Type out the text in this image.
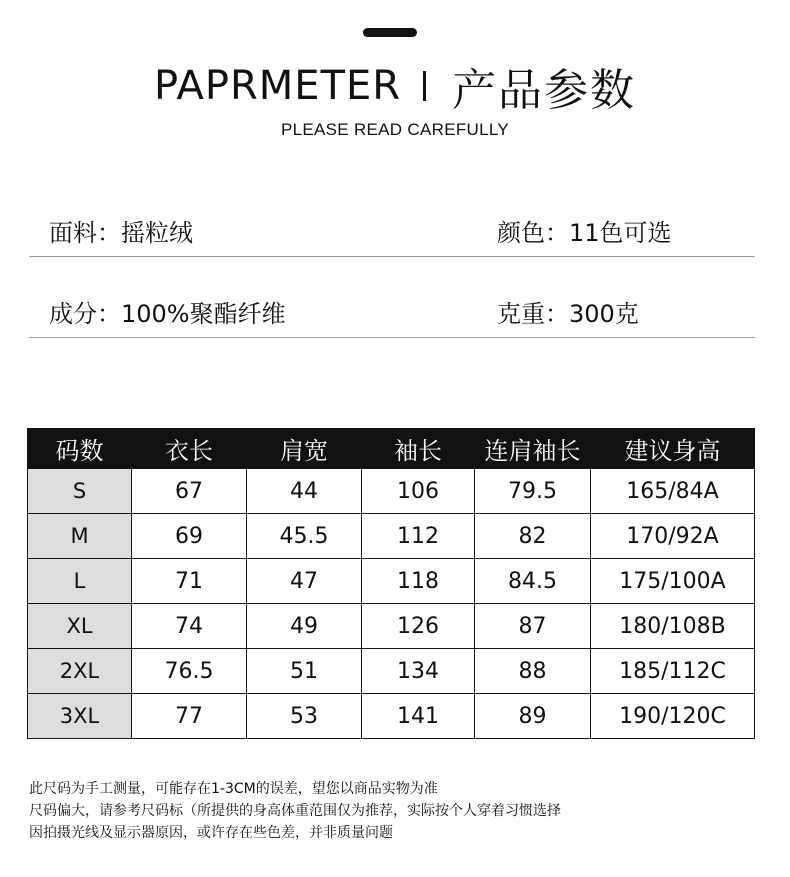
PAPRMETER 产品参数
PLEASE READ CAREFULLY
面料：摇粒绒	颜色：11色可选
成分：100%聚酯纤维	克重：300克
码数	衣长	肩宽	袖长	连肩袖长	建议身高
S	67	44	106	79.5	165/84A
M	69	45.5	112	82	170/92A
L	71	47	118	84.5	175/100A
XL	74	49	126	87	180/108B
2XL	76.5	51	134	88	185/112C
3XL	77	53	141	89	190/120C
此尺码为手工测量，可能存在1-3CM的误差，望您以商品实物为准
尺码偏大，请参考尺码标（所提供的身高体重范围仅为推荐，实际按个人穿着习惯选择
因拍摄光线及显示器原因，或许存在些色差，并非质量问题
